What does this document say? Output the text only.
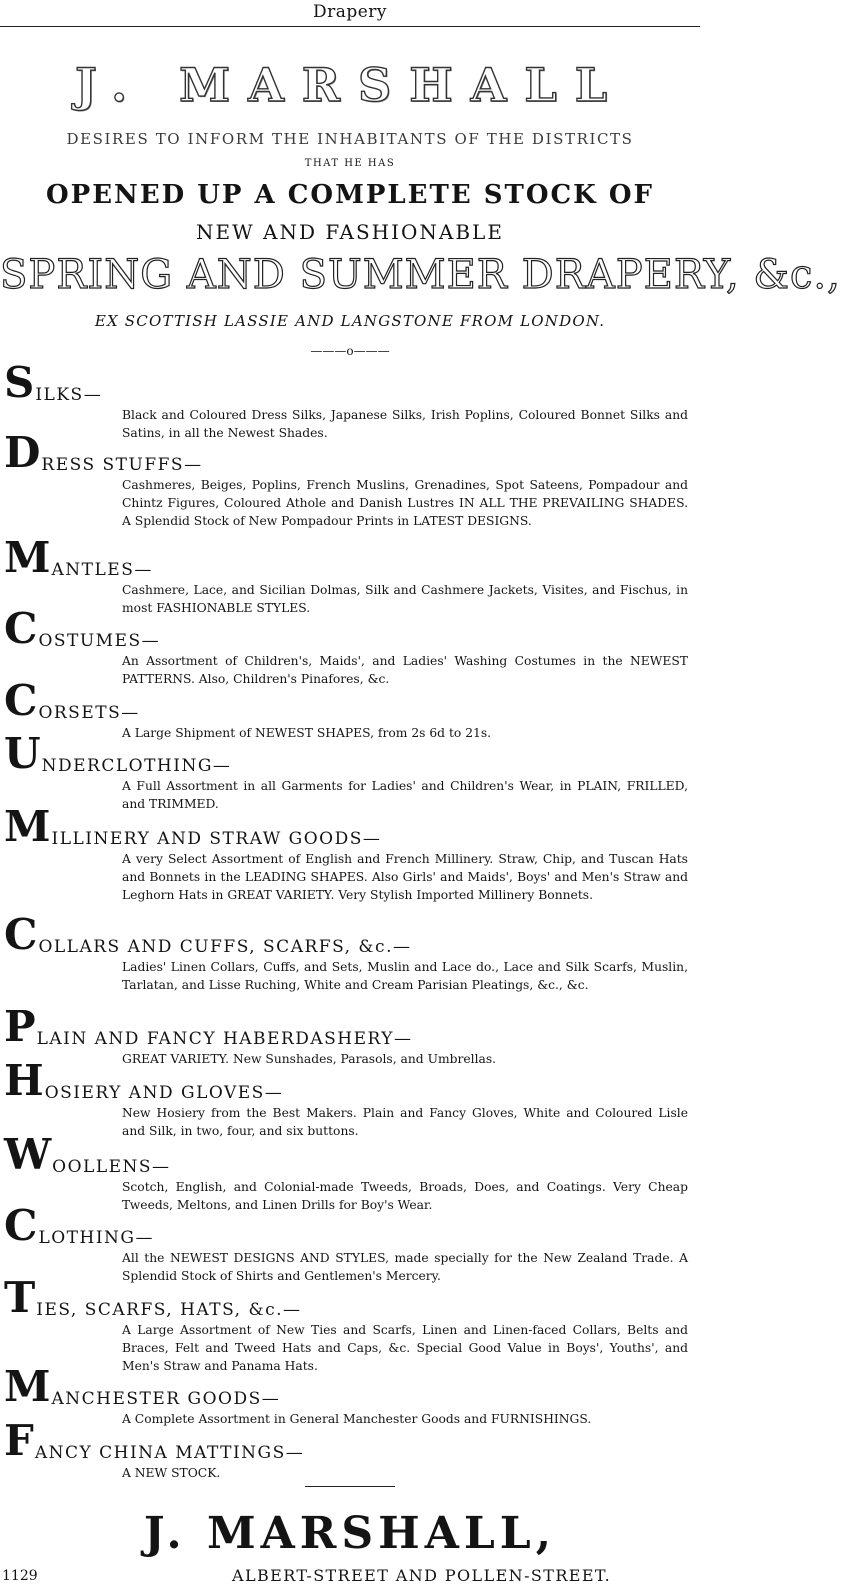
Drapery
J. MARSHALL
DESIRES TO INFORM THE INHABITANTS OF THE DISTRICTS
THAT HE HAS
OPENED UP A COMPLETE STOCK OF
NEW AND FASHIONABLE
SPRING AND SUMMER DRAPERY, &c.,
EX SCOTTISH LASSIE AND LANGSTONE FROM LONDON.
———o———
SILKS—
Black and Coloured Dress Silks, Japanese Silks, Irish Poplins, Coloured Bonnet Silks and Satins, in all the Newest Shades.
DRESS STUFFS—
Cashmeres, Beiges, Poplins, French Muslins, Grenadines, Spot Sateens, Pompadour and Chintz Figures, Coloured Athole and Danish Lustres IN ALL THE PREVAILING SHADES. A Splendid Stock of New Pompadour Prints in LATEST DESIGNS.
MANTLES—
Cashmere, Lace, and Sicilian Dolmas, Silk and Cashmere Jackets, Visites, and Fischus, in most FASHIONABLE STYLES.
COSTUMES—
An Assortment of Children's, Maids', and Ladies' Washing Costumes in the NEWEST PATTERNS. Also, Children's Pinafores, &c.
CORSETS—
A Large Shipment of NEWEST SHAPES, from 2s 6d to 21s.
UNDERCLOTHING—
A Full Assortment in all Garments for Ladies' and Children's Wear, in PLAIN, FRILLED, and TRIMMED.
MILLINERY AND STRAW GOODS—
A very Select Assortment of English and French Millinery. Straw, Chip, and Tuscan Hats and Bonnets in the LEADING SHAPES. Also Girls' and Maids', Boys' and Men's Straw and Leghorn Hats in GREAT VARIETY. Very Stylish Imported Millinery Bonnets.
COLLARS AND CUFFS, SCARFS, &c.—
Ladies' Linen Collars, Cuffs, and Sets, Muslin and Lace do., Lace and Silk Scarfs, Muslin, Tarlatan, and Lisse Ruching, White and Cream Parisian Pleatings, &c., &c.
PLAIN AND FANCY HABERDASHERY—
GREAT VARIETY. New Sunshades, Parasols, and Umbrellas.
HOSIERY AND GLOVES—
New Hosiery from the Best Makers. Plain and Fancy Gloves, White and Coloured Lisle and Silk, in two, four, and six buttons.
WOOLLENS—
Scotch, English, and Colonial-made Tweeds, Broads, Does, and Coatings. Very Cheap Tweeds, Meltons, and Linen Drills for Boy's Wear.
CLOTHING—
All the NEWEST DESIGNS AND STYLES, made specially for the New Zealand Trade. A Splendid Stock of Shirts and Gentlemen's Mercery.
TIES, SCARFS, HATS, &c.—
A Large Assortment of New Ties and Scarfs, Linen and Linen-faced Collars, Belts and Braces, Felt and Tweed Hats and Caps, &c. Special Good Value in Boys', Youths', and Men's Straw and Panama Hats.
MANCHESTER GOODS—
A Complete Assortment in General Manchester Goods and FURNISHINGS.
FANCY CHINA MATTINGS—
A NEW STOCK.
J. MARSHALL,
1129	ALBERT-STREET AND POLLEN-STREET.
